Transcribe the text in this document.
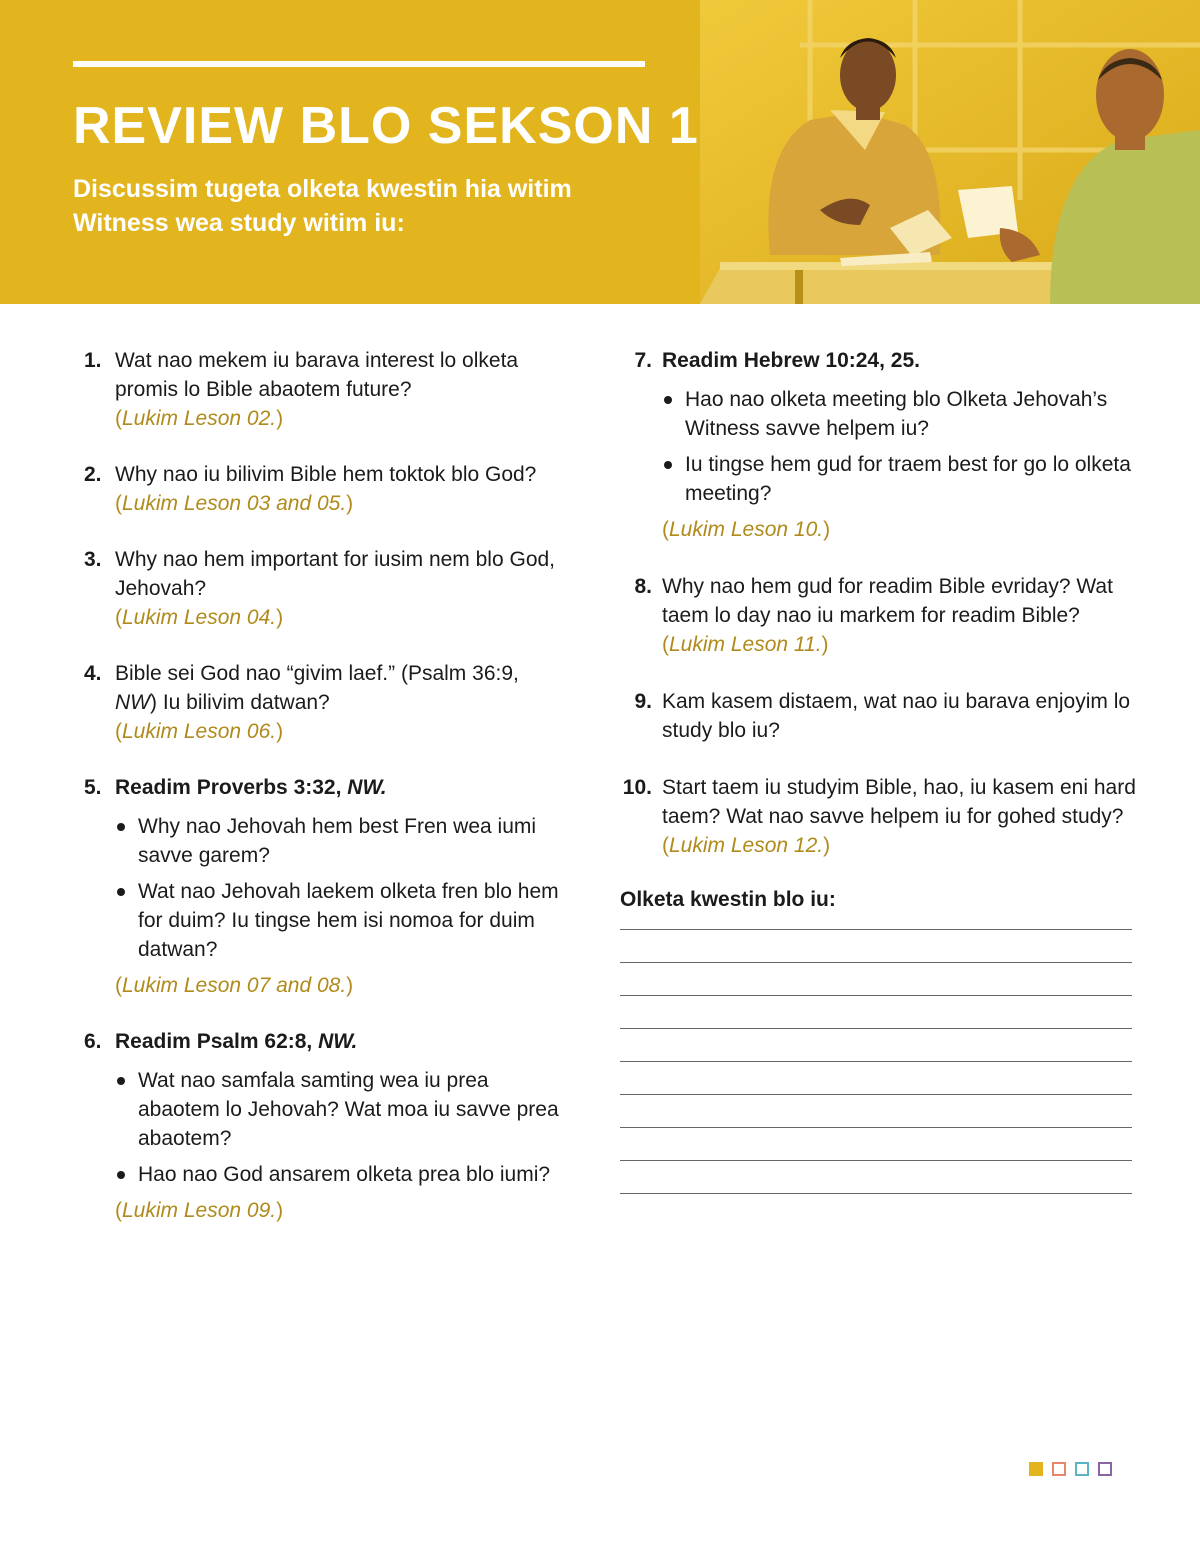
REVIEW BLO SEKSON 1

Discussim tugeta olketa kwestin hia witim Witness wea study witim iu:

1. Wat nao mekem iu barava interest lo olketa promis lo Bible abaotem future?
(Lukim Leson 02.)
2. Why nao iu bilivim Bible hem toktok blo God?
(Lukim Leson 03 and 05.)
3. Why nao hem important for iusim nem blo God, Jehovah?
(Lukim Leson 04.)
4. Bible sei God nao “givim laef.” (Psalm 36:9, NW) Iu bilivim datwan?
(Lukim Leson 06.)
5. Readim Proverbs 3:32, NW.
Why nao Jehovah hem best Fren wea iumi savve garem?
Wat nao Jehovah laekem olketa fren blo hem for duim? Iu tingse hem isi nomoa for duim datwan?
(Lukim Leson 07 and 08.)
6. Readim Psalm 62:8, NW.
Wat nao samfala samting wea iu prea abaotem lo Jehovah? Wat moa iu savve prea abaotem?
Hao nao God ansarem olketa prea blo iumi?
(Lukim Leson 09.)
7. Readim Hebrew 10:24, 25.
Hao nao olketa meeting blo Olketa Jehovah’s Witness savve helpem iu?
Iu tingse hem gud for traem best for go lo olketa meeting?
(Lukim Leson 10.)
8. Why nao hem gud for readim Bible evriday? Wat taem lo day nao iu markem for readim Bible?
(Lukim Leson 11.)
9. Kam kasem distaem, wat nao iu barava enjoyim lo study blo iu?
10. Start taem iu studyim Bible, hao, iu kasem eni hard taem? Wat nao savve helpem iu for gohed study?
(Lukim Leson 12.)
Olketa kwestin blo iu:
